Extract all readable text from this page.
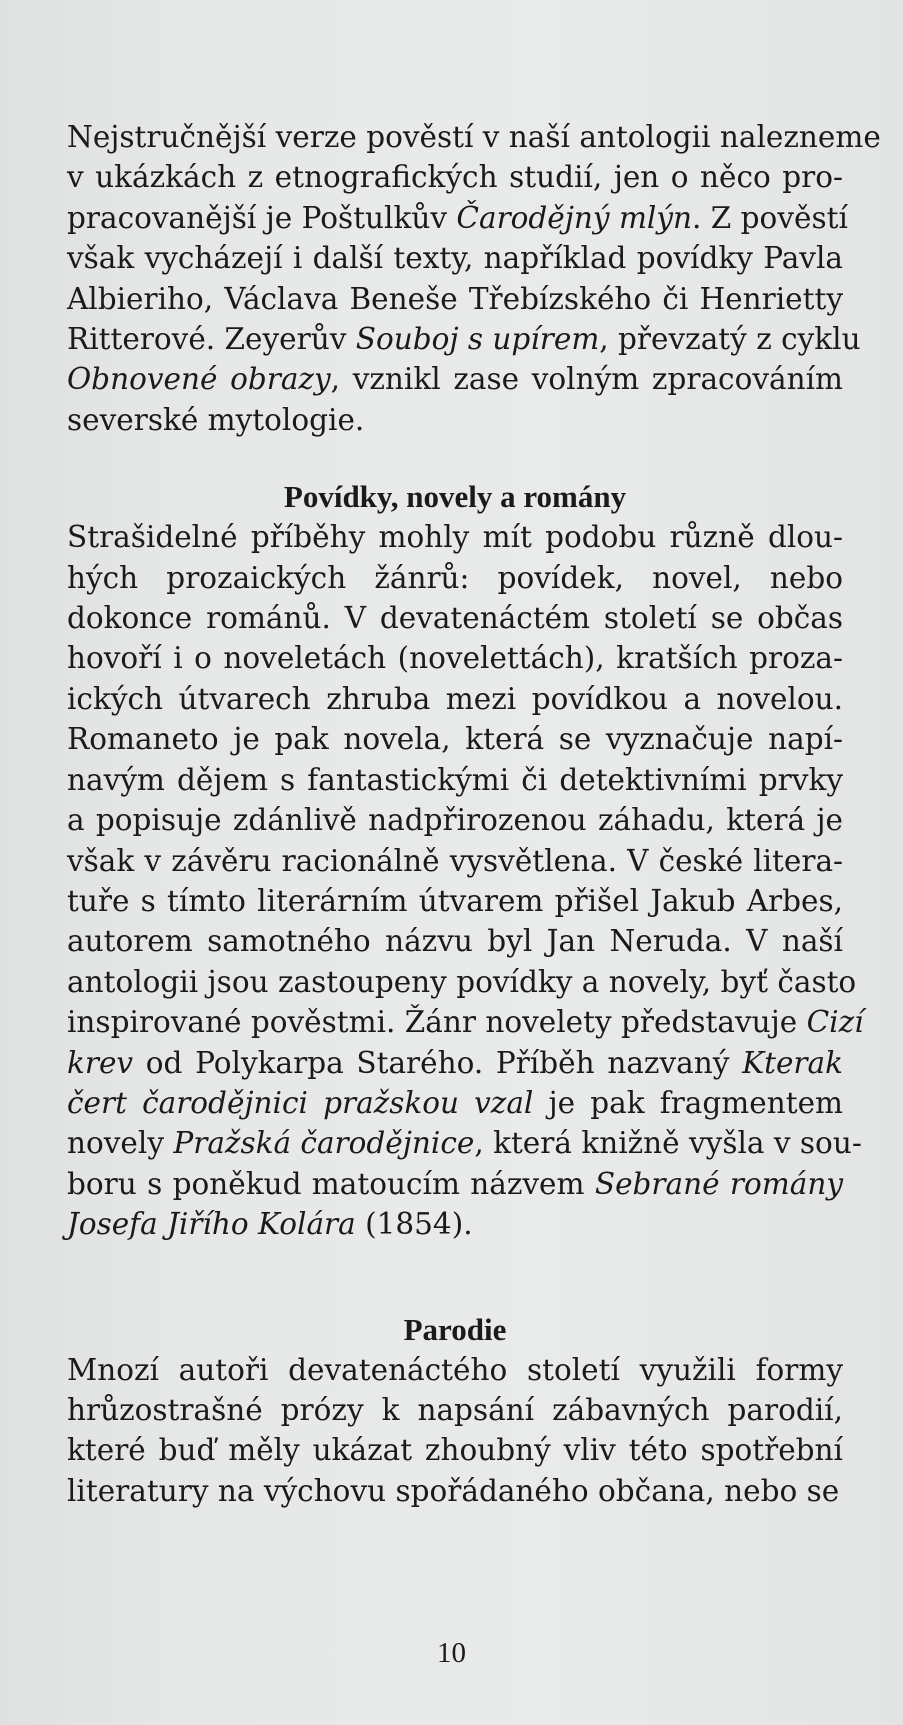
Nejstručnější verze pověstí v naší antologii nalezneme
v ukázkách z etnografických studií, jen o něco pro-
pracovanější je Poštulkův Čarodějný mlýn. Z pověstí
však vycházejí i další texty, například povídky Pavla
Albieriho, Václava Beneše Třebízského či Henrietty
Ritterové. Zeyerův Souboj s upírem, převzatý z cyklu
Obnovené obrazy, vznikl zase volným zpracováním
severské mytologie.

Povídky, novely a romány

Strašidelné příběhy mohly mít podobu různě dlou-
hých prozaických žánrů: povídek, novel, nebo
dokonce románů. V devatenáctém století se občas
hovoří i o noveletách (novelettách), kratších proza-
ických útvarech zhruba mezi povídkou a novelou.
Romaneto je pak novela, která se vyznačuje napí-
navým dějem s fantastickými či detektivními prvky
a popisuje zdánlivě nadpřirozenou záhadu, která je
však v závěru racionálně vysvětlena. V české litera-
tuře s tímto literárním útvarem přišel Jakub Arbes,
autorem samotného názvu byl Jan Neruda. V naší
antologii jsou zastoupeny povídky a novely, byť často
inspirované pověstmi. Žánr novelety představuje Cizí
krev od Polykarpa Starého. Příběh nazvaný Kterak
čert čarodějnici pražskou vzal je pak fragmentem
novely Pražská čarodějnice, která knižně vyšla v sou-
boru s poněkud matoucím názvem Sebrané romány
Josefa Jiřího Kolára (1854).

Parodie

Mnozí autoři devatenáctého století využili formy
hrůzostrašné prózy k napsání zábavných parodií,
které buď měly ukázat zhoubný vliv této spotřební
literatury na výchovu spořádaného občana, nebo se

10
